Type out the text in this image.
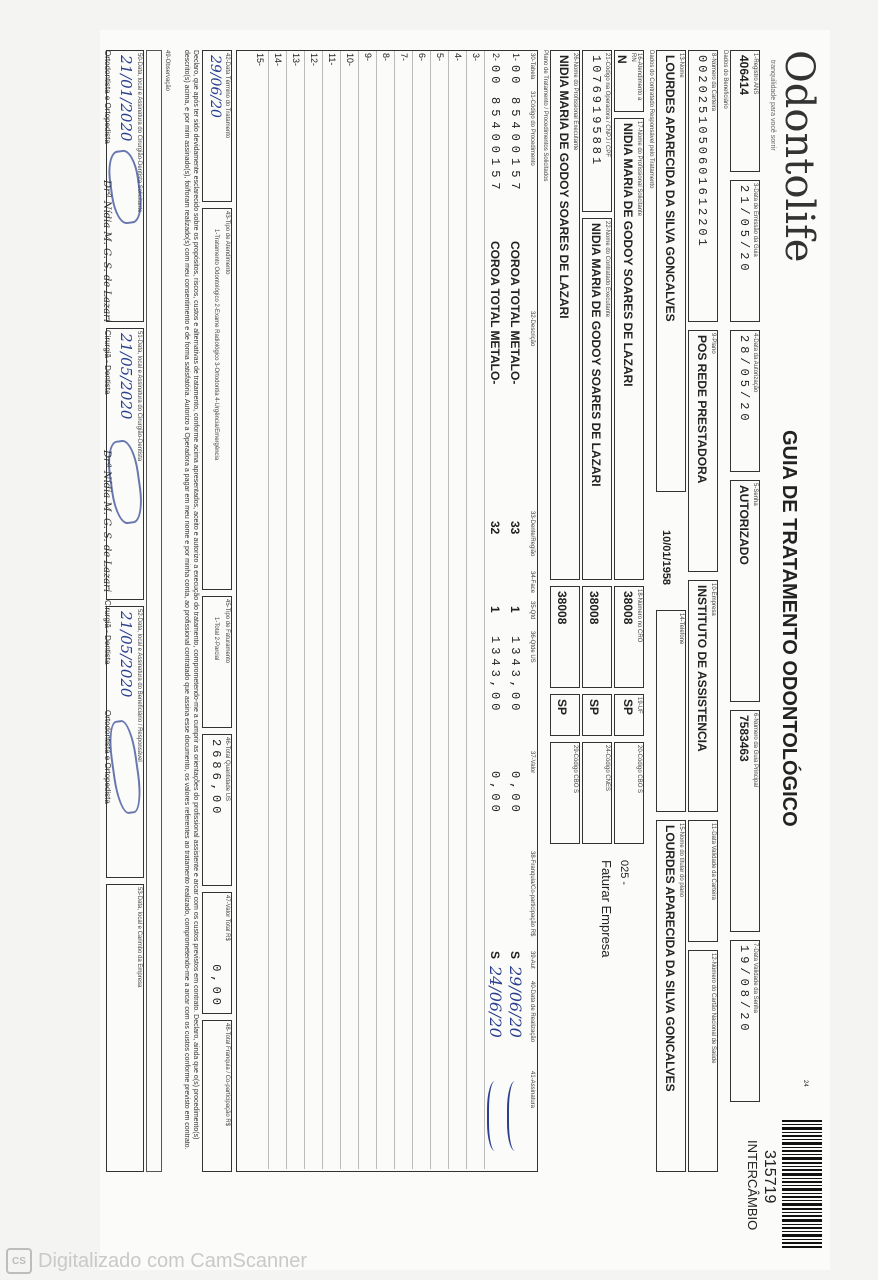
Odontolife
tranquilidade para você sorrir
GUIA DE TRATAMENTO ODONTOLÓGICO
24
315719
INTERCÂMBIO
1-Registro ANS
406414
3-Data de Emissão da Guia
21/05/20
4-Data da Autorização
28/05/20
5-Senha
AUTORIZADO
6-Número da Guia Principal
7583463
7-Data Validade da Senha
19/08/20
Dados do Beneficiário
8-Número da Carteira
0020251050601612201
9-Plano
POS REDE PRESTADORA
10-Empresa
INSTITUTO DE ASSISTENCIA
11-Data Validade da Carteira
12-Número do Cartão Nacional de Saúde
13-Nome
LOURDES APARECIDA DA SILVA GONCALVES
10/01/1958
14-Telefone
15-Nome do titular do plano
LOURDES APARECIDA DA SILVA GONCALVES
Dados do Contratado Responsável pelo Tratamento
16-Atendimento a RN
N
17-Nome do Profissional Solicitante
NIDIA MARIA DE GODOY SOARES DE LAZARI
18-Número no CRO
38008
19-UF
SP
20-Código CBO S
21-Código na Operadora / CNPJ / CPF
10769195881
22-Nome do Contratado Executante
NIDIA MARIA DE GODOY SOARES DE LAZARI
38008
SP
24-Código CNES
025 -
Faturar Empresa
26-Nome do Profissional Executante
NIDIA MARIA DE GODOY SOARES DE LAZARI
38008
SP
29-Código CBO S
Plano de Tratamento / Procedimentos Solicitados
30-Tabela
31-Código do Procedimento
32-Descrição
33-Dente/Região
34-Face
35-Qtd
36-Qtde US
37-Valor
38-Franquia/Co-participação R$
39-Aut
40-Data de Realização
41-Assinatura
1-
00
85400157
COROA TOTAL METALO-
33
1
1343,00
0,00
S
29/06/20
2-
00
85400157
COROA TOTAL METALO-
32
1
1343,00
0,00
S
24/06/20
3-
4-
5-
6-
7-
8-
9-
10-
11-
12-
13-
14-
15-
42-Data Término do Tratamento
29/06/20
43-Tipo de Atendimento
1-Tratamento Odontológico 2-Exame Radiológico 3-Ortodontia 4-Urgência/Emergência
45-Tipo de Faturamento
1-Total 2-Parcial
46-Total Quantidade US
2686,00
47-Valor Total R$
0,00
48-Total Franquia / Co-participação R$
Declaro, que após ter sido devidamente esclarecido sobre os propósitos, riscos, custos e alternativas de tratamento, conforme acima apresentados, aceito e autorizo a execução do tratamento, comprometendo-me a cumprir as orientações do profissional assistente e arcar com os custos previstos em contrato. Declaro, ainda que o(s) procedimento(s) descrito(s) acima, e por mim assinado(s), foi/foram realizado(s) com meu consentimento e de forma satisfatória. Autorizo a Operadora a pagar em meu nome e por minha conta, ao profissional contratado que assina esse documento, os valores referentes ao tratamento realizado, comprometendo-me a arcar com os custos conforme previsto em contrato.
49-Observação
50-Data, local e Assinatura do Cirurgião-Dentista Solicitante
21/01/2020
51-Data, local e Assinatura do Cirurgião-Dentista
21/05/2020
52-Data, local e Assinatura do Beneficiário / Responsável
21/05/2020
53-Data, local e Carimbo da Empresa
Drª Nídia M. G. S. de Lazari
Drª Nídia M. G. S. de Lazari
Cirurgiã - Dentista
Cirurgiã - Dentista
Ortodontista e Ortopedista
Ortodontista e Ortopedista
CS Digitalizado com CamScanner
